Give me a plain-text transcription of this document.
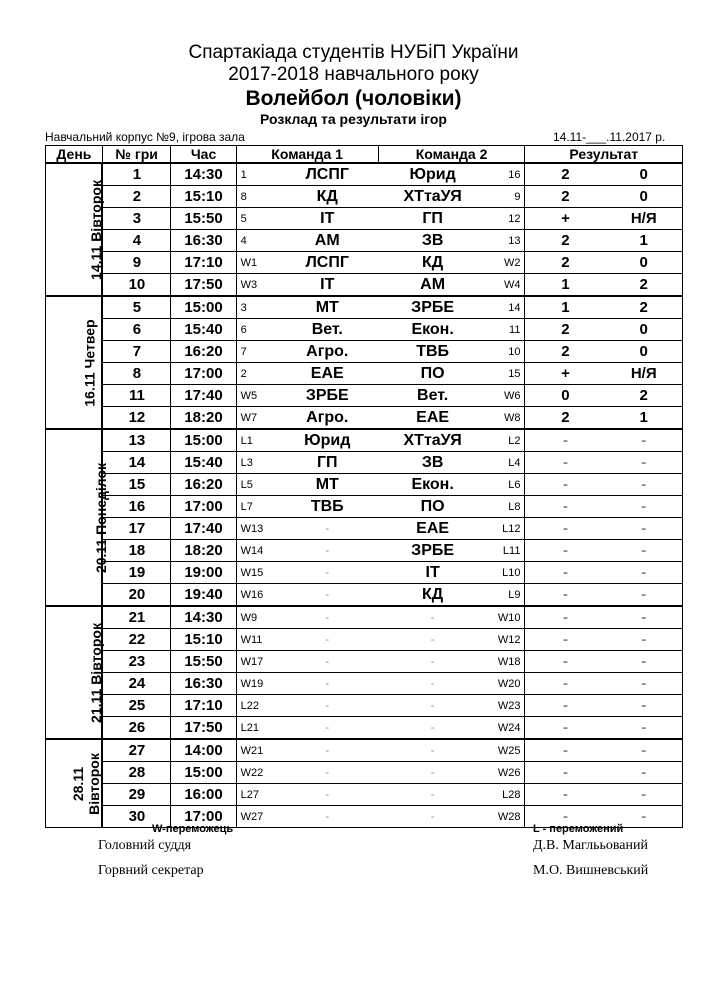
Спартакіада студентів НУБіП України
2017-2018 навчального року
Волейбол (чоловіки)
Розклад та результати ігор
Навчальний корпус №9, ігрова зала	14.11-___.11.2017 р.
День	№ гри	Час	Команда 1		Команда 2		Результат	
14.11 Вівторок	1	14:30	1	ЛСПГ	Юрид	16	2	0
	2	15:10	8	КД	ХТтаУЯ	9	2	0
	3	15:50	5	ІТ	ГП	12	+	Н/Я
	4	16:30	4	АМ	ЗВ	13	2	1
	9	17:10	W1	ЛСПГ	КД	W2	2	0
	10	17:50	W3	ІТ	АМ	W4	1	2
16.11 Четвер	5	15:00	3	МТ	ЗРБЕ	14	1	2
	6	15:40	6	Вет.	Екон.	11	2	0
	7	16:20	7	Агро.	ТВБ	10	2	0
	8	17:00	2	ЕАЕ	ПО	15	+	Н/Я
	11	17:40	W5	ЗРБЕ	Вет.	W6	0	2
	12	18:20	W7	Агро.	ЕАЕ	W8	2	1
20.11 Понеділок	13	15:00	L1	Юрид	ХТтаУЯ	L2	-	-
	14	15:40	L3	ГП	ЗВ	L4	-	-
	15	16:20	L5	МТ	Екон.	L6	-	-
	16	17:00	L7	ТВБ	ПО	L8	-	-
	17	17:40	W13	-	ЕАЕ	L12	-	-
	18	18:20	W14	-	ЗРБЕ	L11	-	-
	19	19:00	W15	-	ІТ	L10	-	-
	20	19:40	W16	-	КД	L9	-	-
21.11 Вівторок	21	14:30	W9	-	-	W10	-	-
	22	15:10	W11	-	-	W12	-	-
	23	15:50	W17	-	-	W18	-	-
	24	16:30	W19	-	-	W20	-	-
	25	17:10	L22	-	-	W23	-	-
	26	17:50	L21	-	-	W24	-	-
28.11 Вівторок	27	14:00	W21	-	-	W25	-	-
	28	15:00	W22	-	-	W26	-	-
	29	16:00	L27	-	-	L28	-	-
	30	17:00	W27	-	-	W28	-	-
W-переможець	L - переможений
Головний суддя	Д.В. Маглььований
Горвний секретар	М.О. Вишневський
